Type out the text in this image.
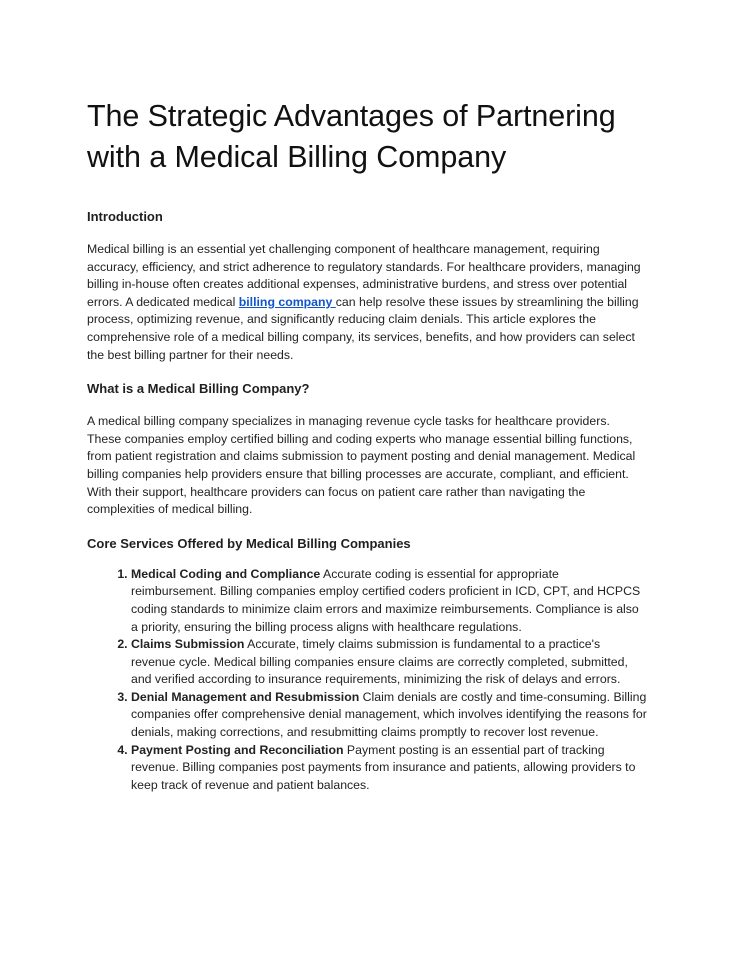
The Strategic Advantages of Partnering with a Medical Billing Company
Introduction

Medical billing is an essential yet challenging component of healthcare management, requiring accuracy, efficiency, and strict adherence to regulatory standards. For healthcare providers, managing billing in-house often creates additional expenses, administrative burdens, and stress over potential errors. A dedicated medical billing company can help resolve these issues by streamlining the billing process, optimizing revenue, and significantly reducing claim denials. This article explores the comprehensive role of a medical billing company, its services, benefits, and how providers can select the best billing partner for their needs.

What is a Medical Billing Company?

A medical billing company specializes in managing revenue cycle tasks for healthcare providers. These companies employ certified billing and coding experts who manage essential billing functions, from patient registration and claims submission to payment posting and denial management. Medical billing companies help providers ensure that billing processes are accurate, compliant, and efficient. With their support, healthcare providers can focus on patient care rather than navigating the complexities of medical billing.

Core Services Offered by Medical Billing Companies
1. Medical Coding and Compliance Accurate coding is essential for appropriate reimbursement. Billing companies employ certified coders proficient in ICD, CPT, and HCPCS coding standards to minimize claim errors and maximize reimbursements. Compliance is also a priority, ensuring the billing process aligns with healthcare regulations.
2. Claims Submission Accurate, timely claims submission is fundamental to a practice's revenue cycle. Medical billing companies ensure claims are correctly completed, submitted, and verified according to insurance requirements, minimizing the risk of delays and errors.
3. Denial Management and Resubmission Claim denials are costly and time-consuming. Billing companies offer comprehensive denial management, which involves identifying the reasons for denials, making corrections, and resubmitting claims promptly to recover lost revenue.
4. Payment Posting and Reconciliation Payment posting is an essential part of tracking revenue. Billing companies post payments from insurance and patients, allowing providers to keep track of revenue and patient balances.
